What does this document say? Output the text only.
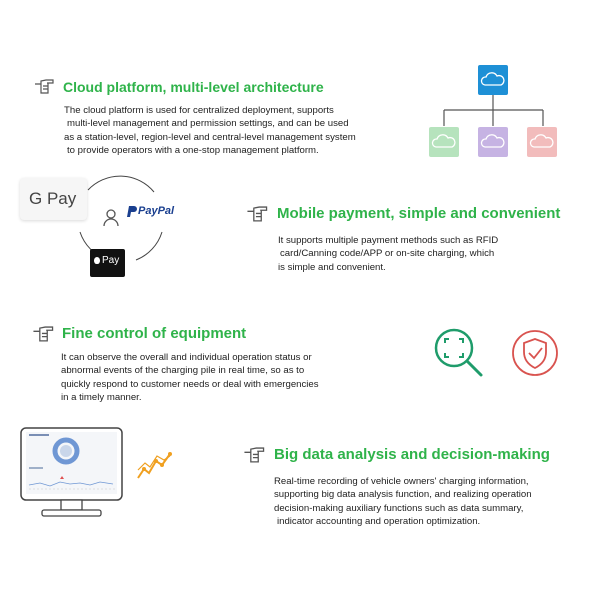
Cloud platform, multi-level architecture
The cloud platform is used for centralized deployment, supports
multi-level management and permission settings, and can be used
as a station-level, region-level and central-level management system
to provide operators with a one-stop management platform.
G Pay
PayPal
Pay
Mobile payment, simple and convenient
It supports multiple payment methods such as RFID
card/Canning code/APP or on-site charging, which
is simple and convenient.
Fine control of equipment
It can observe the overall and individual operation status or
abnormal events of the charging pile in real time, so as to
quickly respond to customer needs or deal with emergencies
in a timely manner.
Big data analysis and decision-making
Real-time recording of vehicle owners' charging information,
supporting big data analysis function, and realizing operation
decision-making auxiliary functions such as data summary,
indicator accounting and operation optimization.
